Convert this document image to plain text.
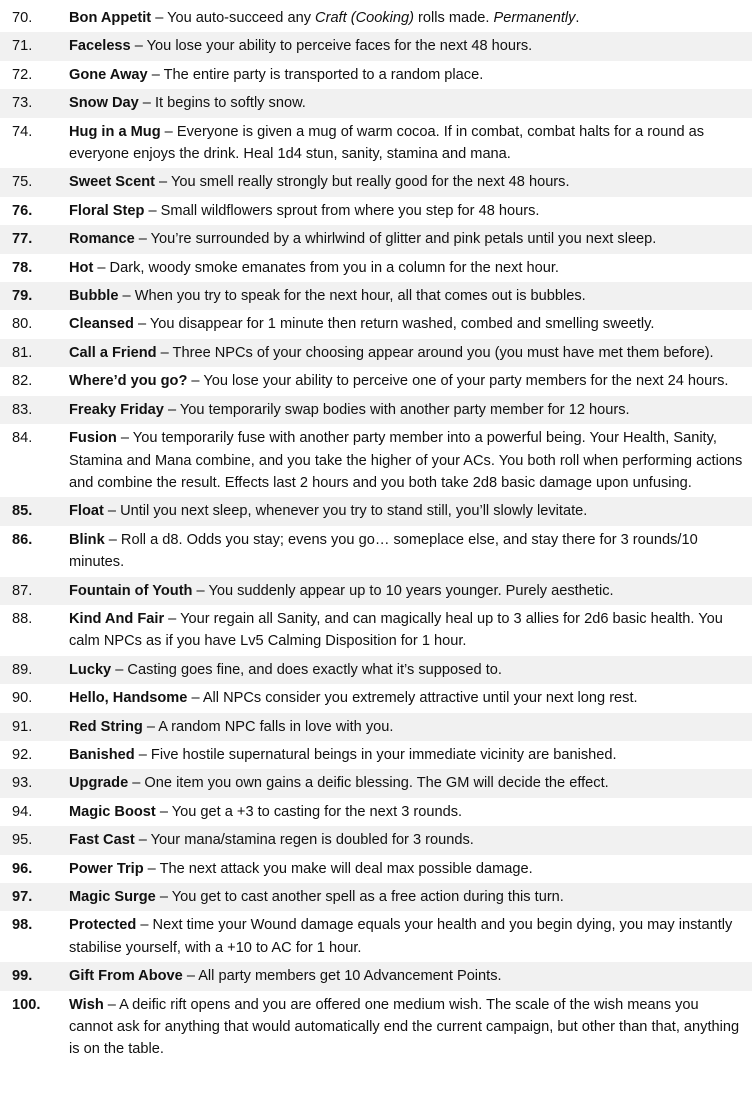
70.	Bon Appetit – You auto-succeed any Craft (Cooking) rolls made. Permanently.
71.	Faceless – You lose your ability to perceive faces for the next 48 hours.
72.	Gone Away – The entire party is transported to a random place.
73.	Snow Day – It begins to softly snow.
74.	Hug in a Mug – Everyone is given a mug of warm cocoa. If in combat, combat halts for a round as everyone enjoys the drink. Heal 1d4 stun, sanity, stamina and mana.
75.	Sweet Scent – You smell really strongly but really good for the next 48 hours.
76.	Floral Step – Small wildflowers sprout from where you step for 48 hours.
77.	Romance – You’re surrounded by a whirlwind of glitter and pink petals until you next sleep.
78.	Hot – Dark, woody smoke emanates from you in a column for the next hour.
79.	Bubble – When you try to speak for the next hour, all that comes out is bubbles.
80.	Cleansed – You disappear for 1 minute then return washed, combed and smelling sweetly.
81.	Call a Friend – Three NPCs of your choosing appear around you (you must have met them before).
82.	Where’d you go? – You lose your ability to perceive one of your party members for the next 24 hours.
83.	Freaky Friday – You temporarily swap bodies with another party member for 12 hours.
84.	Fusion – You temporarily fuse with another party member into a powerful being. Your Health, Sanity, Stamina and Mana combine, and you take the higher of your ACs. You both roll when performing actions and combine the result. Effects last 2 hours and you both take 2d8 basic damage upon unfusing.
85.	Float – Until you next sleep, whenever you try to stand still, you’ll slowly levitate.
86.	Blink – Roll a d8. Odds you stay; evens you go… someplace else, and stay there for 3 rounds/10 minutes.
87.	Fountain of Youth – You suddenly appear up to 10 years younger. Purely aesthetic.
88.	Kind And Fair – Your regain all Sanity, and can magically heal up to 3 allies for 2d6 basic health. You calm NPCs as if you have Lv5 Calming Disposition for 1 hour.
89.	Lucky – Casting goes fine, and does exactly what it’s supposed to.
90.	Hello, Handsome – All NPCs consider you extremely attractive until your next long rest.
91.	Red String – A random NPC falls in love with you.
92.	Banished – Five hostile supernatural beings in your immediate vicinity are banished.
93.	Upgrade – One item you own gains a deific blessing. The GM will decide the effect.
94.	Magic Boost – You get a +3 to casting for the next 3 rounds.
95.	Fast Cast – Your mana/stamina regen is doubled for 3 rounds.
96.	Power Trip – The next attack you make will deal max possible damage.
97.	Magic Surge – You get to cast another spell as a free action during this turn.
98.	Protected – Next time your Wound damage equals your health and you begin dying, you may instantly stabilise yourself, with a +10 to AC for 1 hour.
99.	Gift From Above – All party members get 10 Advancement Points.
100.	Wish – A deific rift opens and you are offered one medium wish. The scale of the wish means you cannot ask for anything that would automatically end the current campaign, but other than that, anything is on the table.
